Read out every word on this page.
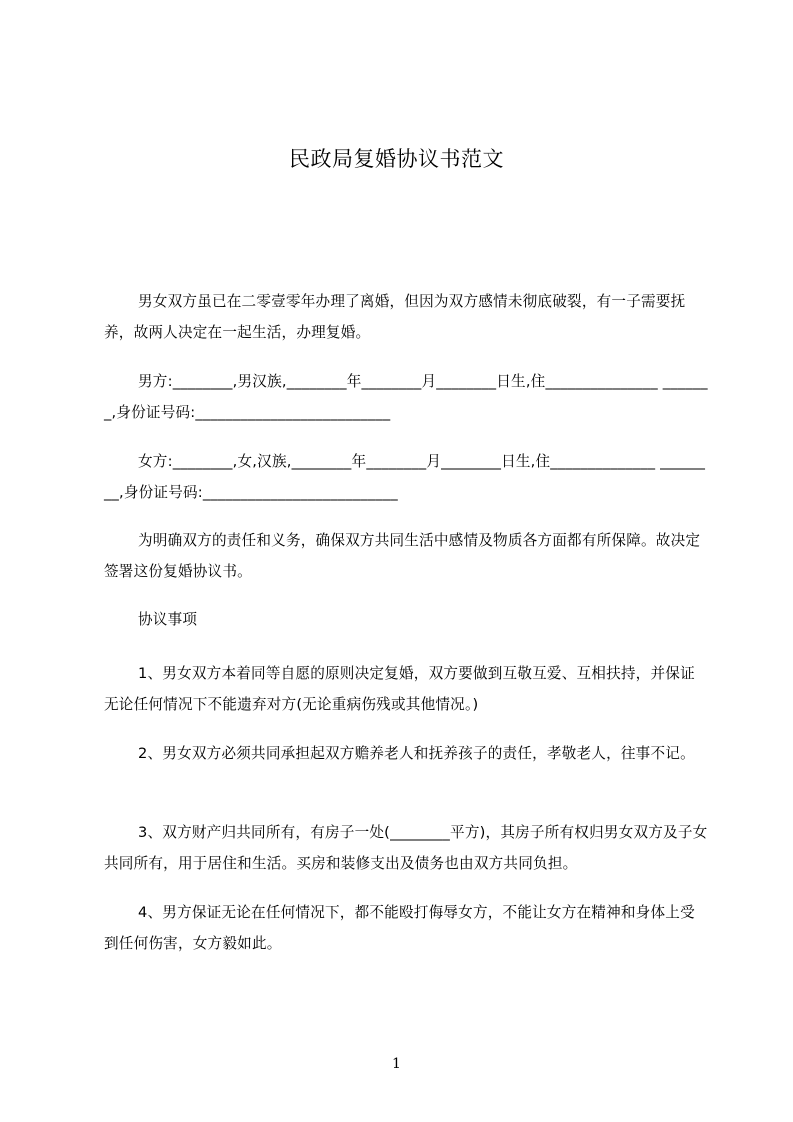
民政局复婚协议书范文
男女双方虽已在二零壹零年办理了离婚，但因为双方感情未彻底破裂，有一子需要抚养，故两人决定在一起生活，办理复婚。
男方:________,男汉族,________年________月________日生,住_______________ _______,身份证号码:__________________________
女方:________,女,汉族,________年________月________日生,住______________ ________,身份证号码:__________________________
为明确双方的责任和义务，确保双方共同生活中感情及物质各方面都有所保障。故决定签署这份复婚协议书。
协议事项
1、男女双方本着同等自愿的原则决定复婚，双方要做到互敬互爱、互相扶持，并保证无论任何情况下不能遗弃对方(无论重病伤残或其他情况。)
2、男女双方必须共同承担起双方赡养老人和抚养孩子的责任，孝敬老人，往事不记。
3、双方财产归共同所有，有房子一处(________平方)，其房子所有权归男女双方及子女共同所有，用于居住和生活。买房和装修支出及债务也由双方共同负担。
4、男方保证无论在任何情况下，都不能殴打侮辱女方，不能让女方在精神和身体上受到任何伤害，女方毅如此。
1
